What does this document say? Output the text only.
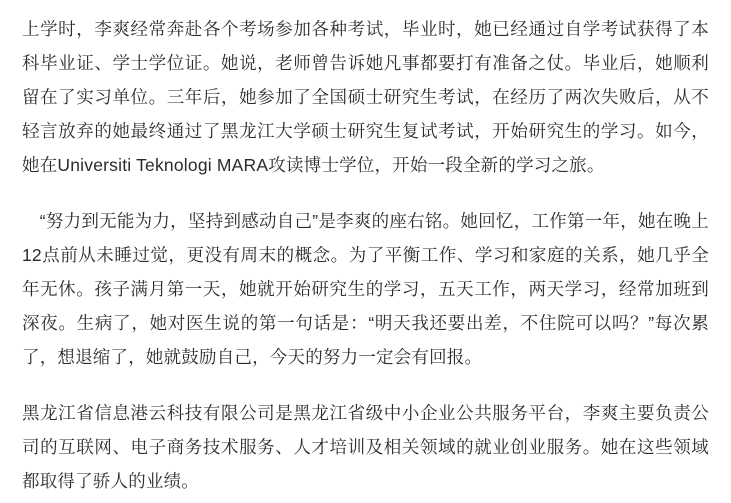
上学时，李爽经常奔赴各个考场参加各种考试，毕业时，她已经通过自学考试获得了本科毕业证、学士学位证。她说，老师曾告诉她凡事都要打有准备之仗。毕业后，她顺利留在了实习单位。三年后，她参加了全国硕士研究生考试，在经历了两次失败后，从不轻言放弃的她最终通过了黑龙江大学硕士研究生复试考试，开始研究生的学习。如今，她在Universiti Teknologi MARA攻读博士学位，开始一段全新的学习之旅。

　“努力到无能为力，坚持到感动自己”是李爽的座右铭。她回忆，工作第一年，她在晚上12点前从未睡过觉，更没有周末的概念。为了平衡工作、学习和家庭的关系，她几乎全年无休。孩子满月第一天，她就开始研究生的学习，五天工作，两天学习，经常加班到深夜。生病了，她对医生说的第一句话是：“明天我还要出差，不住院可以吗？”每次累了，想退缩了，她就鼓励自己，今天的努力一定会有回报。

黑龙江省信息港云科技有限公司是黑龙江省级中小企业公共服务平台，李爽主要负责公司的互联网、电子商务技术服务、人才培训及相关领域的就业创业服务。她在这些领域都取得了骄人的业绩。
